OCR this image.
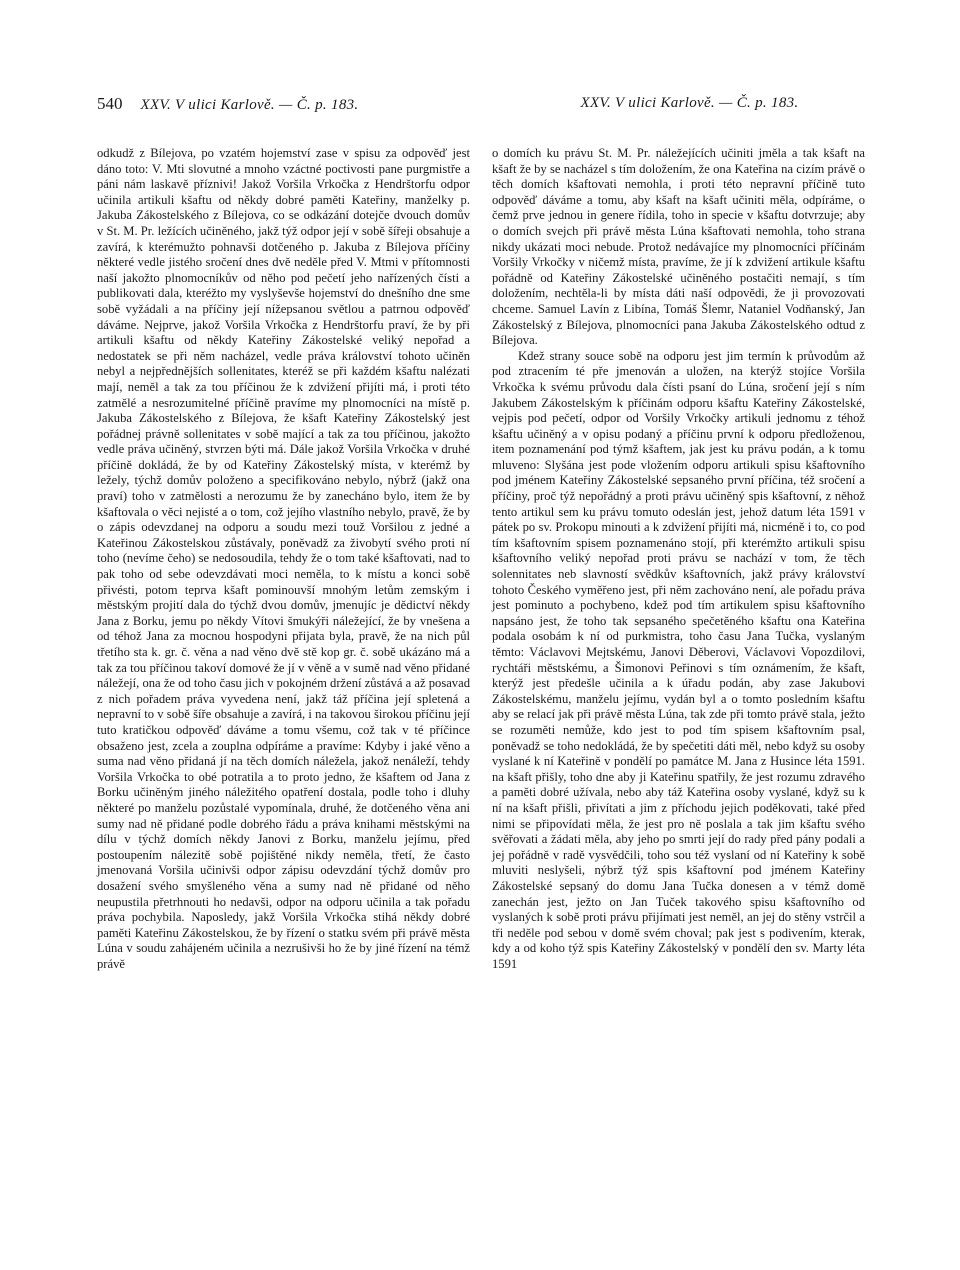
540 XXV. V ulici Karlově. — Č. p. 183.	XXV. V ulici Karlově. — Č. p. 183.

odkudž z Bílejova, po vzatém hojemství zase v spisu za odpověď jest dáno toto: V. Mti slovutné a mnoho vzáctné poctivosti pane purgmistře a páni nám laskavě příznivi! Jakož Voršila Vrkočka z Hendrštorfu odpor učinila artikuli kšaftu od někdy dobré paměti Kateřiny, manželky p. Jakuba Zákostelského z Bílejova, co se odkázání dotejče dvouch domův v St. M. Pr. ležících učiněného, jakž týž odpor její v sobě šířeji obsahuje a zavírá, k kterémužto pohnavši dotčeného p. Jakuba z Bílejova příčiny některé vedle jistého sročení dnes dvě neděle před V. Mtmi v přítomnosti naší jakožto plnomocníkův od něho pod pečetí jeho nařízených čísti a publikovati dala, kteréžto my vyslyševše hojemství do dnešního dne sme sobě vyžádali a na příčiny její nížepsanou světlou a patrnou odpověď dáváme. Nejprve, jakož Voršila Vrkočka z Hendrštorfu praví, že by při artikuli kšaftu od někdy Kateřiny Zákostelské veliký nepořad a nedostatek se při něm nacházel, vedle práva království tohoto učiněn nebyl a nejpřednějších sollenitates, kteréž se při každém kšaftu nalézati mají, neměl a tak za tou příčinou že k zdvižení přijíti má, i proti této zatmělé a nesrozumitelné příčině pravíme my plnomocníci na místě p. Jakuba Zákostelského z Bílejova, že kšaft Kateřiny Zákostelský jest pořádnej právně sollenitates v sobě mající a tak za tou příčinou, jakožto vedle práva učiněný, stvrzen býti má. Dále jakož Voršila Vrkočka v druhé příčině dokládá, že by od Kateřiny Zákostelský místa, v kterémž by ležely, týchž domův položeno a specifikováno nebylo, nýbrž (jakž ona praví) toho v zatmělosti a nerozumu že by zanecháno bylo, item že by kšaftovala o věci nejisté a o tom, což jejího vlastního nebylo, pravě, že by o zápis odevzdanej na odporu a soudu mezi touž Voršilou z jedné a Kateřinou Zákostelskou zůstávaly, poněvadž za živobytí svého proti ní toho (nevíme čeho) se nedosoudila, tehdy že o tom také kšaftovati, nad to pak toho od sebe odevzdávati moci neměla, to k místu a konci sobě přivésti, potom teprva kšaft pominouvší mnohým letům zemským i městským projití dala do týchž dvou domův, jmenujíc je dědictví někdy Jana z Borku, jemu po někdy Vítovi šmukýři náležející, že by vnešena a od téhož Jana za mocnou hospodyni přijata byla, pravě, že na nich půl třetího sta k. gr. č. věna a nad věno dvě stě kop gr. č. sobě ukázáno má a tak za tou příčinou takoví domové že jí v věně a v sumě nad věno přidané náležejí, ona že od toho času jich v pokojném držení zůstává a až posavad z nich pořadem práva vyvedena není, jakž táž příčina její spletená a nepravní to v sobě šíře obsahuje a zavírá, i na takovou širokou příčinu její tuto kratičkou odpověď dáváme a tomu všemu, což tak v té příčince obsaženo jest, zcela a zouplna odpíráme a pravíme: Kdyby i jaké věno a suma nad věno přidaná jí na těch domích náležela, jakož nenáleží, tehdy Voršila Vrkočka to obé potratila a to proto jedno, že kšaftem od Jana z Borku učiněným jiného náležitého opatření dostala, podle toho i dluhy některé po manželu pozůstalé vypomínala, druhé, že dotčeného věna ani sumy nad ně přidané podle dobrého řádu a práva knihami městskými na dílu v týchž domích někdy Janovi z Borku, manželu jejímu, před postoupením nálezitě sobě pojištěné nikdy neměla, třetí, že často jmenovaná Voršila učinivši odpor zápisu odevzdání týchž domův pro dosažení svého smyšleného věna a sumy nad ně přidané od něho neupustila přetrhnouti ho nedavši, odpor na odporu učinila a tak pořadu práva pochybila. Naposledy, jakž Voršila Vrkočka stihá někdy dobré paměti Kateřinu Zákostelskou, že by řízení o statku svém při právě města Lúna v soudu zahájeném učinila a nezrušivši ho že by jiné řízení na témž právě

o domích ku právu St. M. Pr. náležejících učiniti jměla a tak kšaft na kšaft že by se nacházel s tím doložením, že ona Kateřina na cizím právě o těch domích kšaftovati nemohla, i proti této nepravní příčině tuto odpověď dáváme a tomu, aby kšaft na kšaft učiniti měla, odpíráme, o čemž prve jednou in genere řídila, toho in specie v kšaftu dotvrzuje; aby o domích svejch při právě města Lúna kšaftovati nemohla, toho strana nikdy ukázati moci nebude. Protož nedávajíce my plnomocníci příčinám Voršily Vrkočky v ničemž místa, pravíme, že jí k zdvižení artikule kšaftu pořádně od Kateřiny Zákostelské učiněného postačiti nemají, s tím doložením, nechtěla-li by místa dáti naší odpovědi, že ji provozovati chceme. Samuel Lavín z Libína, Tomáš Šlemr, Nataniel Vodňanský, Jan Zákostelský z Bílejova, plnomocníci pana Jakuba Zákostelského odtud z Bílejova.

Kdež strany souce sobě na odporu jest jim termín k průvodům až pod ztracením té pře jmenován a uložen, na kterýž stojíce Voršila Vrkočka k svému průvodu dala čísti psaní do Lúna, sročení její s ním Jakubem Zákostelským k příčinám odporu kšaftu Kateřiny Zákostelské, vejpis pod pečetí, odpor od Voršily Vrkočky artikuli jednomu z téhož kšaftu učiněný a v opisu podaný a příčinu první k odporu předloženou, item poznamenání pod týmž kšaftem, jak jest ku právu podán, a k tomu mluveno: Slyšána jest pode vložením odporu artikuli spisu kšaftovního pod jménem Kateřiny Zákostelské sepsaného první příčina, též sročení a příčiny, proč týž nepořádný a proti právu učiněný spis kšaftovní, z něhož tento artikul sem ku právu tomuto odeslán jest, jehož datum léta 1591 v pátek po sv. Prokopu minouti a k zdvižení přijíti má, nicméně i to, co pod tím kšaftovním spisem poznamenáno stojí, při kterémžto artikuli spisu kšaftovního veliký nepořad proti právu se nachází v tom, že těch solennitates neb slavností svědkův kšaftovních, jakž právy království tohoto Českého vyměřeno jest, při něm zachováno není, ale pořadu práva jest pominuto a pochybeno, kdež pod tím artikulem spisu kšaftovního napsáno jest, že toho tak sepsaného spečetěného kšaftu ona Kateřina podala osobám k ní od purkmistra, toho času Jana Tučka, vyslaným těmto: Václavovi Mejtskému, Janovi Děberovi, Václavovi Vopozdilovi, rychtáři městskému, a Šimonovi Peřinovi s tím oznámením, že kšaft, kterýž jest předešle učinila a k úřadu podán, aby zase Jakubovi Zákostelskému, manželu jejímu, vydán byl a o tomto posledním kšaftu aby se relací jak při právě města Lúna, tak zde při tomto právě stala, ježto se rozuměti nemůže, kdo jest to pod tím spisem kšaftovním psal, poněvadž se toho nedokládá, že by spečetiti dáti měl, nebo když su osoby vyslané k ní Kateřině v pondělí po památce M. Jana z Husince léta 1591. na kšaft přišly, toho dne aby ji Kateřinu spatřily, že jest rozumu zdravého a paměti dobré užívala, nebo aby táž Kateřina osoby vyslané, když su k ní na kšaft přišli, přivítati a jim z příchodu jejich poděkovati, také před nimi se připovídati měla, že jest pro ně poslala a tak jim kšaftu svého svěřovati a žádati měla, aby jeho po smrti její do rady před pány podali a jej pořádně v radě vysvědčili, toho sou též vyslaní od ní Kateřiny k sobě mluviti neslyšeli, nýbrž týž spis kšaftovní pod jménem Kateřiny Zákostelské sepsaný do domu Jana Tučka donesen a v témž domě zanechán jest, ježto on Jan Tuček takového spisu kšaftovního od vyslaných k sobě proti právu přijímati jest neměl, an jej do stěny vstrčil a tři neděle pod sebou v domě svém choval; pak jest s podivením, kterak, kdy a od koho týž spis Kateřiny Zákostelský v pondělí den sv. Marty léta 1591
